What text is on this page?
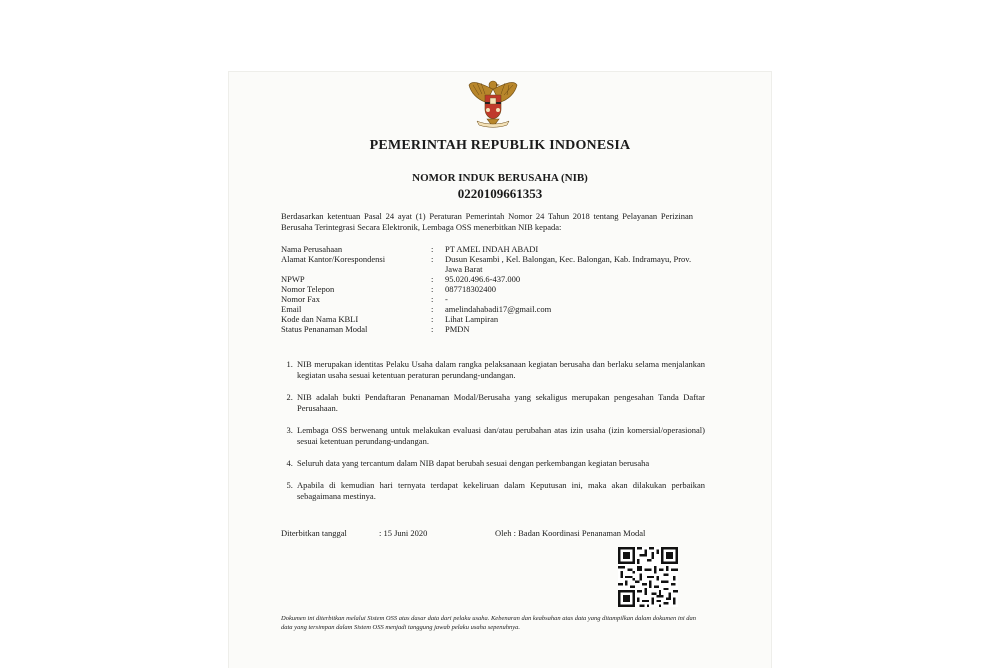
PEMERINTAH REPUBLIK INDONESIA
NOMOR INDUK BERUSAHA (NIB)
0220109661353
Berdasarkan ketentuan Pasal 24 ayat (1) Peraturan Pemerintah Nomor 24 Tahun 2018 tentang Pelayanan Perizinan Berusaha Terintegrasi Secara Elektronik, Lembaga OSS menerbitkan NIB kepada:
Nama Perusahaan	:	PT AMEL INDAH ABADI
Alamat Kantor/Korespondensi	:	Dusun Kesambi , Kel. Balongan, Kec. Balongan, Kab. Indramayu, Prov. Jawa Barat
NPWP	:	95.020.496.6-437.000
Nomor Telepon	:	087718302400
Nomor Fax	:	-
Email	:	amelindahabadi17@gmail.com
Kode dan Nama KBLI	:	Lihat Lampiran
Status Penanaman Modal	:	PMDN
1. NIB merupakan identitas Pelaku Usaha dalam rangka pelaksanaan kegiatan berusaha dan berlaku selama menjalankan kegiatan usaha sesuai ketentuan peraturan perundang-undangan.
2. NIB adalah bukti Pendaftaran Penanaman Modal/Berusaha yang sekaligus merupakan pengesahan Tanda Daftar Perusahaan.
3. Lembaga OSS berwenang untuk melakukan evaluasi dan/atau perubahan atas izin usaha (izin komersial/operasional) sesuai ketentuan perundang-undangan.
4. Seluruh data yang tercantum dalam NIB dapat berubah sesuai dengan perkembangan kegiatan berusaha
5. Apabila di kemudian hari ternyata terdapat kekeliruan dalam Keputusan ini, maka akan dilakukan perbaikan sebagaimana mestinya.
Diterbitkan tanggal	: 15 Juni 2020	Oleh : Badan Koordinasi Penanaman Modal
Dokumen ini diterbitkan melalui Sistem OSS atas dasar data dari pelaku usaha. Kebenaran dan keabsahan atas data yang ditampilkan dalam dokumen ini dan data yang tersimpan dalam Sistem OSS menjadi tanggung jawab pelaku usaha sepenuhnya.
